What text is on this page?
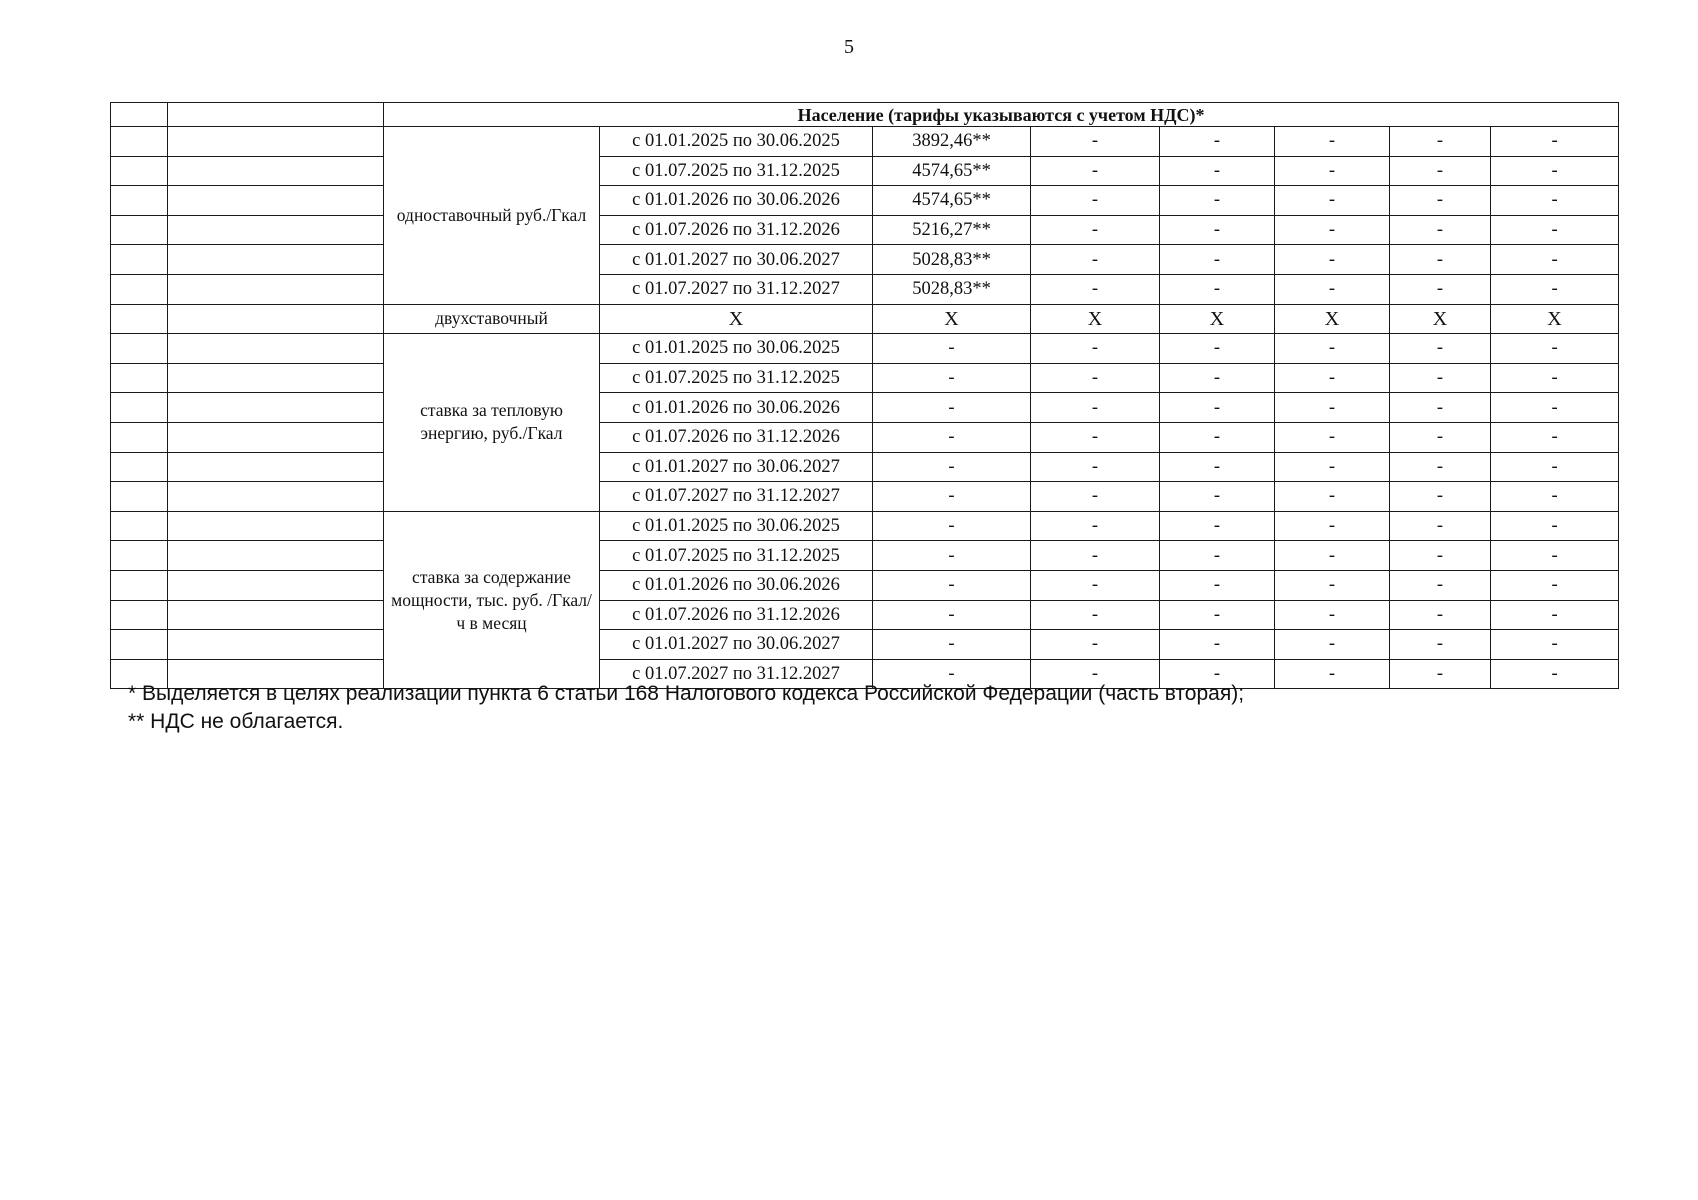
5
		Население (тарифы указываются с учетом НДС)*							
		одноставочный руб./Гкал	с 01.01.2025 по 30.06.2025	3892,46**	-	-	-	-	-
			с 01.07.2025 по 31.12.2025	4574,65**	-	-	-	-	-
			с 01.01.2026 по 30.06.2026	4574,65**	-	-	-	-	-
			с 01.07.2026 по 31.12.2026	5216,27**	-	-	-	-	-
			с 01.01.2027 по 30.06.2027	5028,83**	-	-	-	-	-
			с 01.07.2027 по 31.12.2027	5028,83**	-	-	-	-	-
		двухставочный	X	X	X	X	X	X	X
		ставка за тепловую энергию, руб./Гкал	с 01.01.2025 по 30.06.2025	-	-	-	-	-	-
			с 01.07.2025 по 31.12.2025	-	-	-	-	-	-
			с 01.01.2026 по 30.06.2026	-	-	-	-	-	-
			с 01.07.2026 по 31.12.2026	-	-	-	-	-	-
			с 01.01.2027 по 30.06.2027	-	-	-	-	-	-
			с 01.07.2027 по 31.12.2027	-	-	-	-	-	-
		ставка за содержание мощности, тыс. руб. /Гкал/ч в месяц	с 01.01.2025 по 30.06.2025	-	-	-	-	-	-
			с 01.07.2025 по 31.12.2025	-	-	-	-	-	-
			с 01.01.2026 по 30.06.2026	-	-	-	-	-	-
			с 01.07.2026 по 31.12.2026	-	-	-	-	-	-
			с 01.01.2027 по 30.06.2027	-	-	-	-	-	-
			с 01.07.2027 по 31.12.2027	-	-	-	-	-	-
* Выделяется в целях реализации пункта 6 статьи 168 Налогового кодекса Российской Федерации (часть вторая);
** НДС не облагается.
